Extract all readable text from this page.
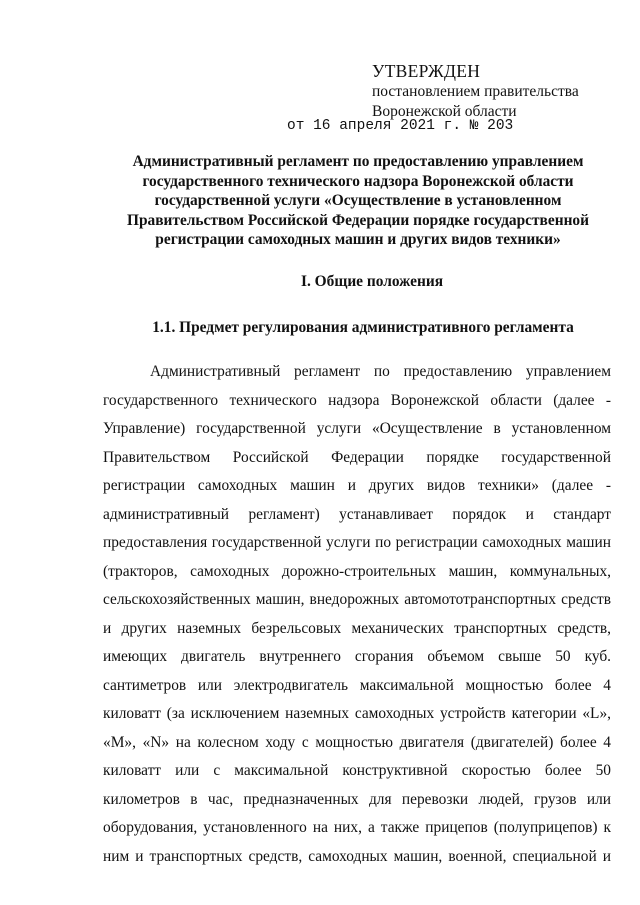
УТВЕРЖДЕН
постановлением правительства
Воронежской области
от 16 апреля 2021 г. № 203
Административный регламент по предоставлению управлением
государственного технического надзора Воронежской области
государственной услуги «Осуществление в установленном
Правительством Российской Федерации порядке государственной
регистрации самоходных машин и других видов техники»
I. Общие положения
1.1. Предмет регулирования административного регламента
Административный регламент по предоставлению управлением
государственного технического надзора Воронежской области (далее -
Управление) государственной услуги «Осуществление в установленном
Правительством Российской Федерации порядке государственной
регистрации самоходных машин и других видов техники» (далее -
административный регламент) устанавливает порядок и стандарт
предоставления государственной услуги по регистрации самоходных машин
(тракторов, самоходных дорожно-строительных машин, коммунальных,
сельскохозяйственных машин, внедорожных автомототранспортных средств
и других наземных безрельсовых механических транспортных средств,
имеющих двигатель внутреннего сгорания объемом свыше 50 куб.
сантиметров или электродвигатель максимальной мощностью более 4
киловатт (за исключением наземных самоходных устройств категории «L»,
«M», «N» на колесном ходу с мощностью двигателя (двигателей) более 4
киловатт или с максимальной конструктивной скоростью более 50
километров в час, предназначенных для перевозки людей, грузов или
оборудования, установленного на них, а также прицепов (полуприцепов) к
ним и транспортных средств, самоходных машин, военной, специальной и
